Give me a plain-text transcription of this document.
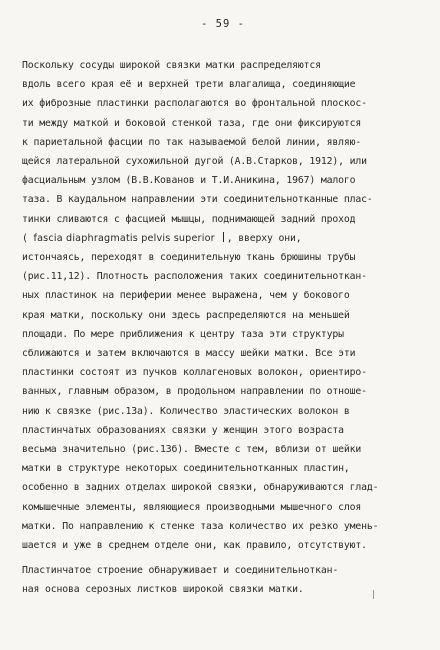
- 59 -

Поскольку сосуды широкой связки матки распределяются

вдоль всего края её и верхней трети влагалища, соединяющие

их фиброзные пластинки располагаются во фронтальной плоскос-

ти между маткой и боковой стенкой таза, где они фиксируются

к париетальной фасции по так называемой белой линии, являю-

щейся латеральной сухожильной дугой (А.В.Старков, 1912), или

фасциальным узлом (В.В.Кованов и Т.И.Аникина, 1967) малого

таза. В каудальном направлении эти соединительнотканные плас-

тинки сливаются с фасцией мышцы, поднимающей задний проход

( fascia diaphragmatis pelvis superior , вверху они,

истончаясь, переходят в соединительную ткань брюшины трубы

(рис.11,12). Плотность расположения таких соединительноткан-

ных пластинок на периферии менее выражена, чем у бокового

края матки, поскольку они здесь распределяются на меньшей

площади. По мере приближения к центру таза эти структуры

сближаются и затем включаются в массу шейки матки. Все эти

пластинки состоят из пучков коллагеновых волокон, ориентиро-

ванных, главным образом, в продольном направлении по отноше-

нию к связке (рис.13а). Количество эластических волокон в

пластинчатых образованиях связки у женщин этого возраста

весьма значительно (рис.13б). Вместе с тем, вблизи от шейки

матки в структуре некоторых соединительнотканных пластин,

особенно в задних отделах широкой связки, обнаруживаются глад-

комышечные элементы, являющиеся производными мышечного слоя

матки. По направлению к стенке таза количество их резко умень-

шается и уже в среднем отделе они, как правило, отсутствуют.

Пластинчатое строение обнаруживает и соединительноткан-

ная основа серозных листков широкой связки матки.
